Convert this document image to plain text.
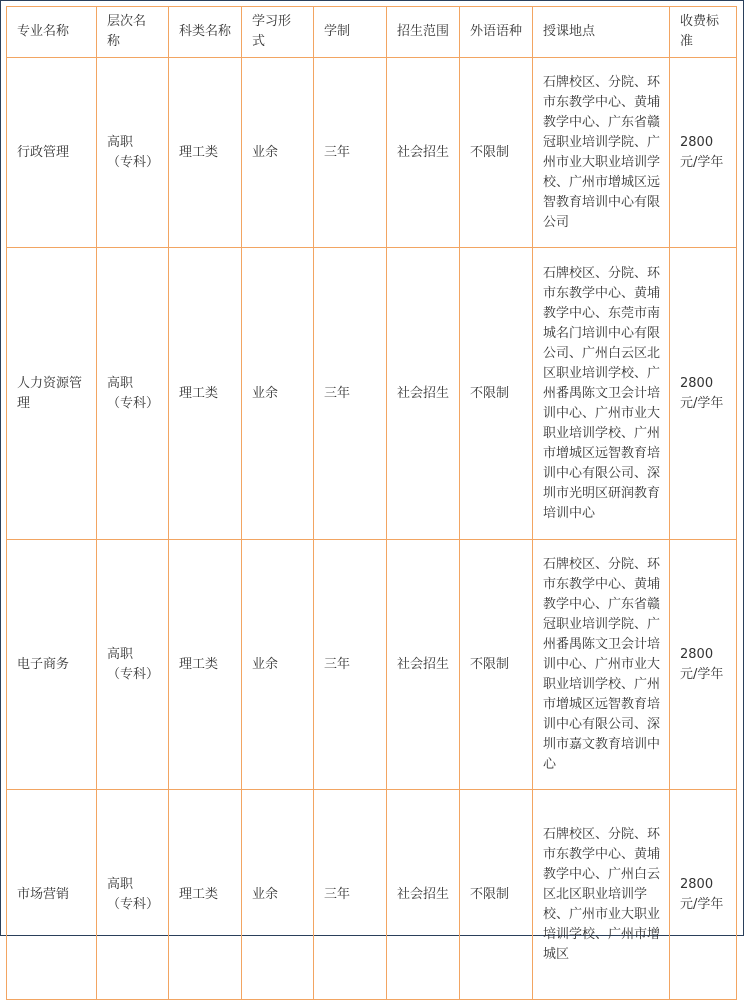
专业名称	层次名称	科类名称	学习形式	学制	招生范围	外语语种	授课地点	收费标准

行政管理	高职（专科）	理工类	业余	三年	社会招生	不限制	石牌校区、分院、环市东教学中心、黄埔教学中心、广东省赣冠职业培训学院、广州市业大职业培训学校、广州市增城区远智教育培训中心有限公司	2800元/学年

人力资源管理	高职（专科）	理工类	业余	三年	社会招生	不限制	石牌校区、分院、环市东教学中心、黄埔教学中心、东莞市南城名门培训中心有限公司、广州白云区北区职业培训学校、广州番禺陈文卫会计培训中心、广州市业大职业培训学校、广州市增城区远智教育培训中心有限公司、深圳市光明区研润教育培训中心	2800元/学年

电子商务	高职（专科）	理工类	业余	三年	社会招生	不限制	石牌校区、分院、环市东教学中心、黄埔教学中心、广东省赣冠职业培训学院、广州番禺陈文卫会计培训中心、广州市业大职业培训学校、广州市增城区远智教育培训中心有限公司、深圳市嘉文教育培训中心	2800元/学年

市场营销	高职（专科）	理工类	业余	三年	社会招生	不限制	石牌校区、分院、环市东教学中心、黄埔教学中心、广州白云区北区职业培训学校、广州市业大职业培训学校、广州市增城区	2800元/学年
